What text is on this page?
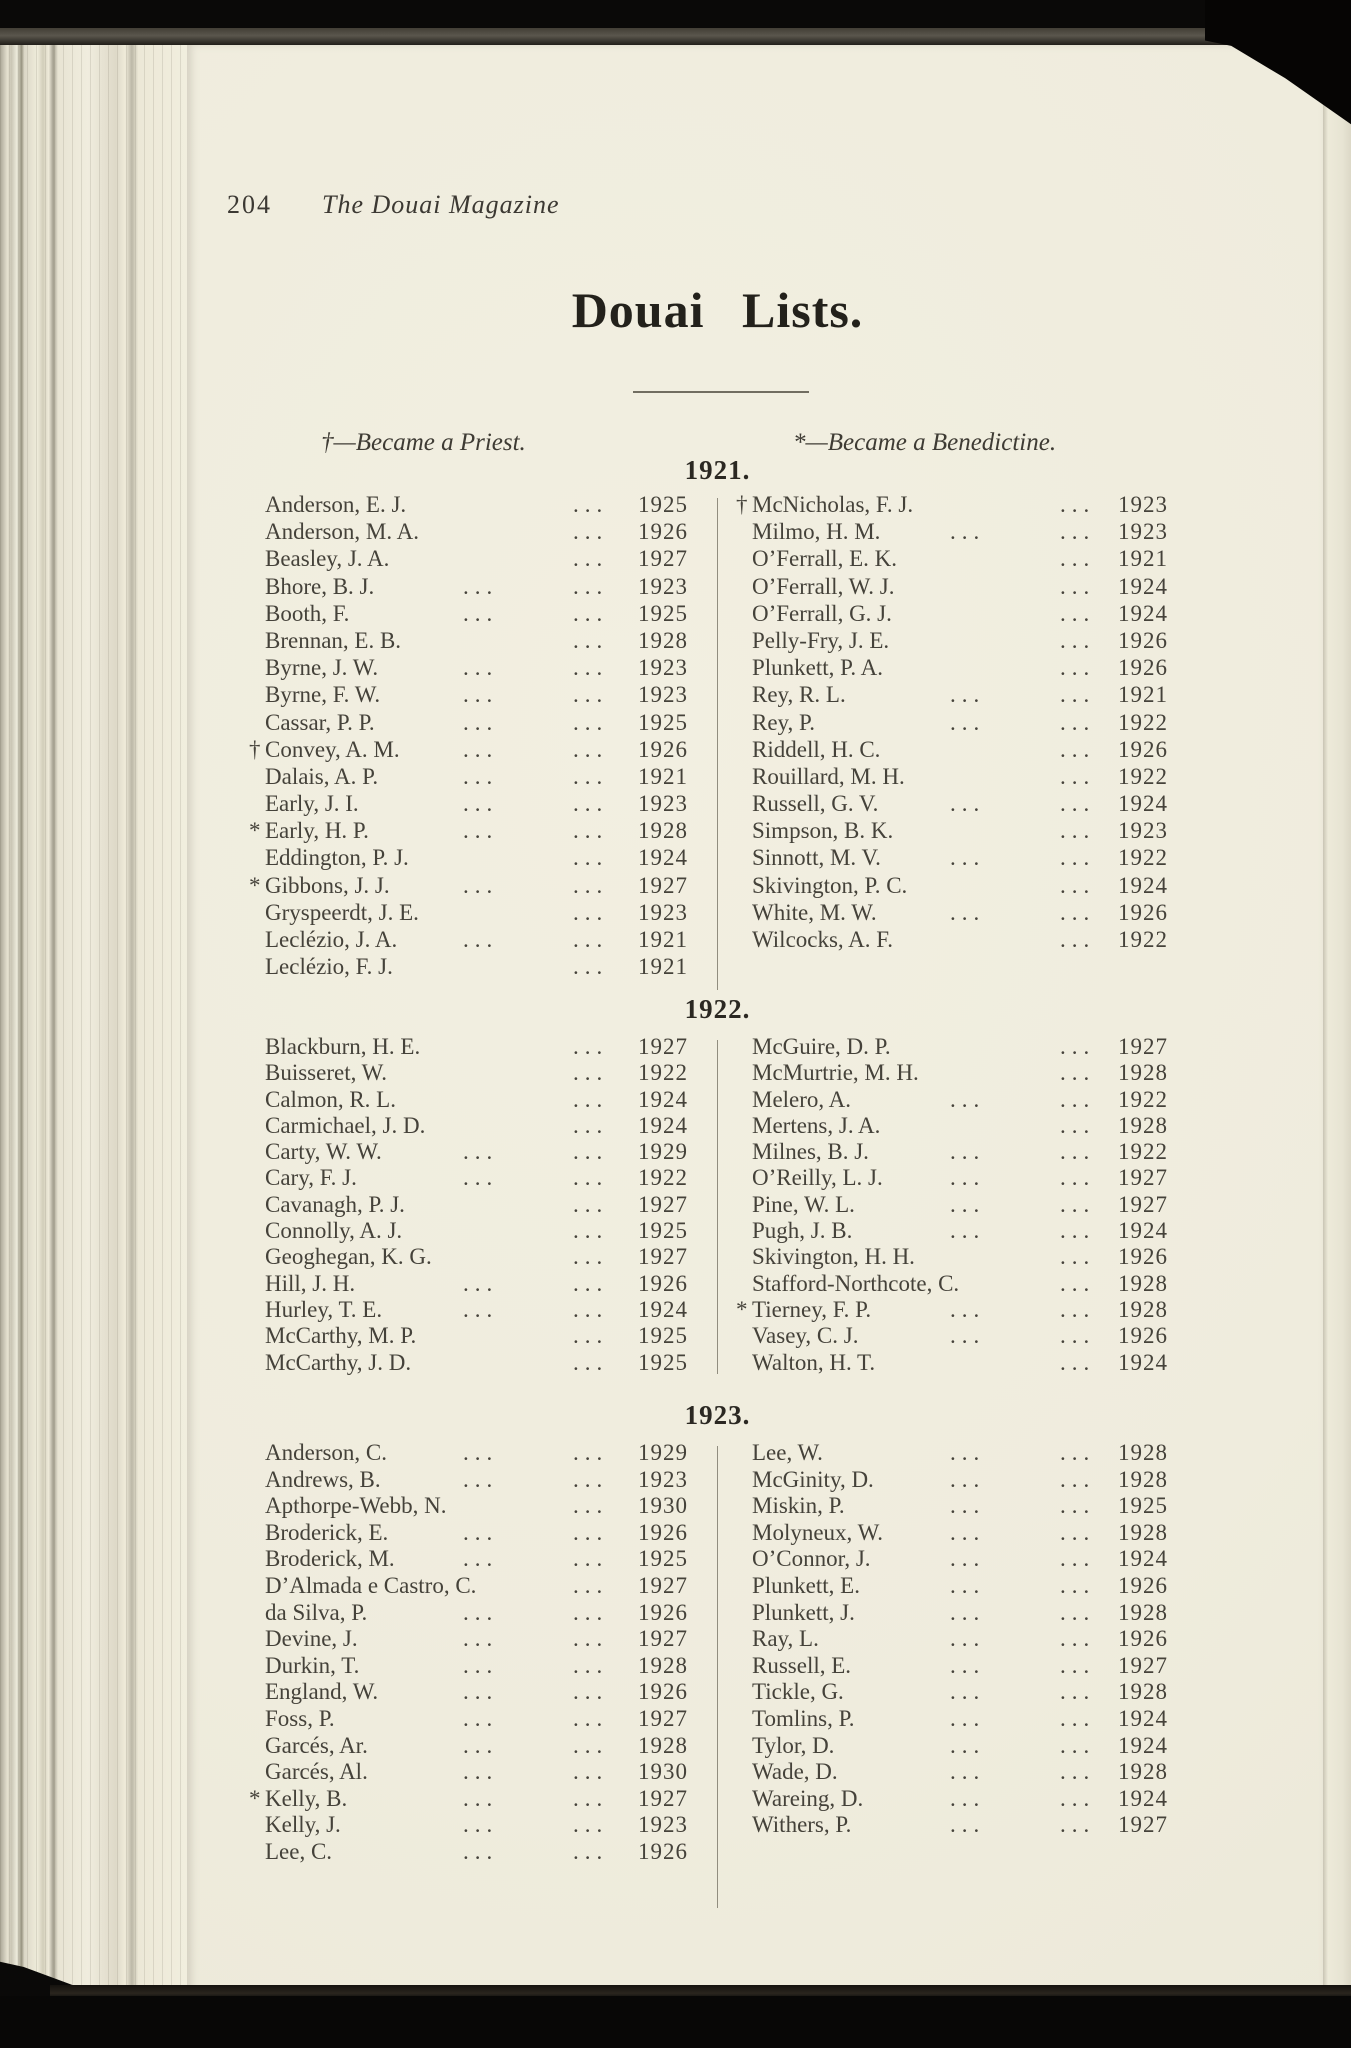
204 The Douai Magazine
Douai Lists.
†—Became a Priest.	*—Became a Benedictine.
1921.
Anderson, E. J.	... 1925
Anderson, M. A.	... 1926
Beasley, J. A.	... 1927
Bhore, B. J.	...	... 1923
Booth, F.	...	... 1925
Brennan, E. B.	... 1928
Byrne, J. W.	...	... 1923
Byrne, F. W.	...	... 1923
Cassar, P. P.	...	... 1925
† Convey, A. M.	...	... 1926
Dalais, A. P.	...	... 1921
Early, J. I.	...	... 1923
* Early, H. P.	...	... 1928
Eddington, P. J.	... 1924
* Gibbons, J. J.	...	... 1927
Gryspeerdt, J. E.	... 1923
Leclézio, J. A.	...	... 1921
Leclézio, F. J.	... 1921
† McNicholas, F. J.	... 1923
Milmo, H. M.	...	... 1923
O’Ferrall, E. K.	... 1921
O’Ferrall, W. J.	... 1924
O’Ferrall, G. J.	... 1924
Pelly-Fry, J. E.	... 1926
Plunkett, P. A.	... 1926
Rey, R. L.	...	... 1921
Rey, P.	...	... 1922
Riddell, H. C.	... 1926
Rouillard, M. H.	... 1922
Russell, G. V.	...	... 1924
Simpson, B. K.	... 1923
Sinnott, M. V.	...	... 1922
Skivington, P. C.	... 1924
White, M. W.	...	... 1926
Wilcocks, A. F.	... 1922
1922.
Blackburn, H. E.	... 1927
Buisseret, W.	... 1922
Calmon, R. L.	... 1924
Carmichael, J. D.	... 1924
Carty, W. W.	...	... 1929
Cary, F. J.	...	... 1922
Cavanagh, P. J.	... 1927
Connolly, A. J.	... 1925
Geoghegan, K. G.	... 1927
Hill, J. H.	...	... 1926
Hurley, T. E.	...	... 1924
McCarthy, M. P.	... 1925
McCarthy, J. D.	... 1925
McGuire, D. P.	... 1927
McMurtrie, M. H.	... 1928
Melero, A.	...	... 1922
Mertens, J. A.	... 1928
Milnes, B. J.	...	... 1922
O’Reilly, L. J.	...	... 1927
Pine, W. L.	...	... 1927
Pugh, J. B.	...	... 1924
Skivington, H. H.	... 1926
Stafford-Northcote, C.	... 1928
* Tierney, F. P.	...	... 1928
Vasey, C. J.	...	... 1926
Walton, H. T.	... 1924
1923.
Anderson, C.	...	... 1929
Andrews, B.	...	... 1923
Apthorpe-Webb, N.	... 1930
Broderick, E.	...	... 1926
Broderick, M.	...	... 1925
D’Almada e Castro, C.	... 1927
da Silva, P.	...	... 1926
Devine, J.	...	... 1927
Durkin, T.	...	... 1928
England, W.	...	... 1926
Foss, P.	...	... 1927
Garcés, Ar.	...	... 1928
Garcés, Al.	...	... 1930
* Kelly, B.	...	... 1927
Kelly, J.	...	... 1923
Lee, C.	...	... 1926
Lee, W.	...	... 1928
McGinity, D.	...	... 1928
Miskin, P.	...	... 1925
Molyneux, W.	...	... 1928
O’Connor, J.	...	... 1924
Plunkett, E.	...	... 1926
Plunkett, J.	...	... 1928
Ray, L.	...	... 1926
Russell, E.	...	... 1927
Tickle, G.	...	... 1928
Tomlins, P.	...	... 1924
Tylor, D.	...	... 1924
Wade, D.	...	... 1928
Wareing, D.	...	... 1924
Withers, P.	...	... 1927
